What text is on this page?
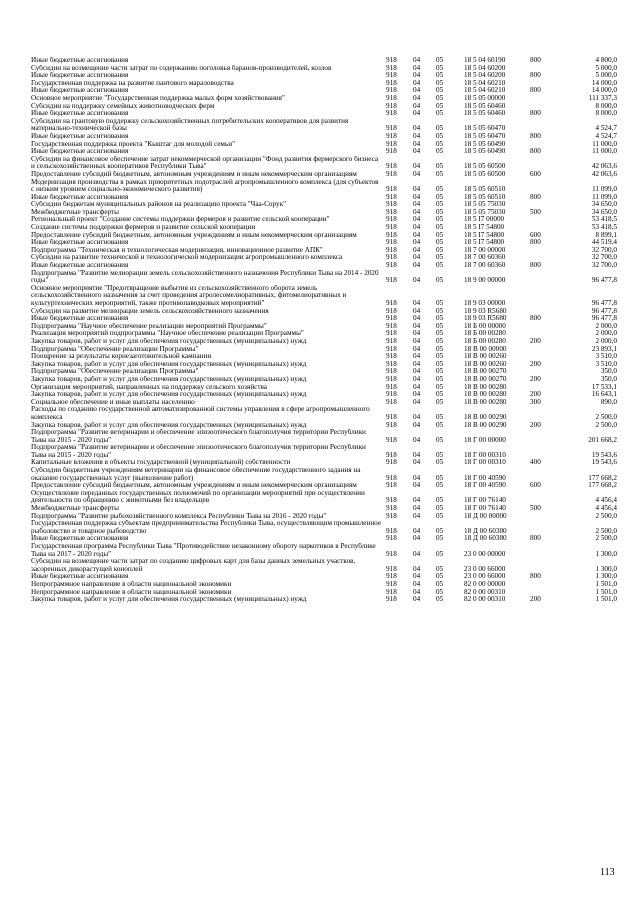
Иные бюджетные ассигнования	918	04	05	18 5 04 60190	800	4 800,0
Субсидии на возмещение части затрат по содержанию поголовья баранов-производителей, козлов	918	04	05	18 5 04 60200		5 000,0
Иные бюджетные ассигнования	918	04	05	18 5 04 60200	800	5 000,0
Государственная поддержка на развитие пантового мараловодства	918	04	05	18 5 04 60210		14 000,0
Иные бюджетные ассигнования	918	04	05	18 5 04 60210	800	14 000,0
Основное мероприятие "Государственная поддержка малых форм хозяйствования"	918	04	05	18 5 05 00000		111 337,3
Субсидии на поддержку семейных животноводческих ферм	918	04	05	18 5 05 60460		8 000,0
Иные бюджетные ассигнования	918	04	05	18 5 05 60460	800	8 000,0
Субсидии на грантовую поддержку сельскохозяйственных потребительских кооперативов для развития материально-технической базы	918	04	05	18 5 05 60470		4 524,7
Иные бюджетные ассигнования	918	04	05	18 5 05 60470	800	4 524,7
Государственная поддержка проекта "Кыштаг для молодой семьи"	918	04	05	18 5 05 60490		11 000,0
Иные бюджетные ассигнования	918	04	05	18 5 05 60490	800	11 000,0
Субсидии на финансовое обеспечение затрат некоммерческой организации "Фонд развития фермерского бизнеса и сельскохозяйственных кооперативов Республики Тыва"	918	04	05	18 5 05 60500		42 063,6
Предоставление субсидий бюджетным, автономным учреждениям и иным некоммерческим организациям	918	04	05	18 5 05 60500	600	42 063,6
Модернизация производства в рамках приоритетных подотраслей агропромышленного комплекса (для субъектов с низким уровнем социально-экономического развития)	918	04	05	18 5 05 60510		11 099,0
Иные бюджетные ассигнования	918	04	05	18 5 05 60510	800	11 099,0
Субсидии бюджетам муниципальных районов на реализацию проекта "Чаа-Сорук"	918	04	05	18 5 05 75030		34 650,0
Межбюджетные трансферты	918	04	05	18 5 05 75030	500	34 650,0
Региональный проект "Создание системы поддержки фермеров и развитие сельской кооперации"	918	04	05	18 5 I7 00000		53 418,5
Создание системы поддержки фермеров и развитие сельской кооперации	918	04	05	18 5 I7 54800		53 418,5
Предоставление субсидий бюджетным, автономным учреждениям и иным некоммерческим организациям	918	04	05	18 5 I7 54800	600	8 899,1
Иные бюджетные ассигнования	918	04	05	18 5 I7 54800	800	44 519,4
Подпрограмма "Техническая и технологическая модернизация, инновационное развитие АПК"	918	04	05	18 7 00 00000		32 700,0
Субсидии на развитие технической и технологической модернизации агропромышленного комплекса	918	04	05	18 7 00 60360		32 700,0
Иные бюджетные ассигнования	918	04	05	18 7 00 60360	800	32 700,0
Подпрограмма "Развитие мелиорации земель сельскохозяйственного назначения Республики Тыва на 2014 - 2020 годы"	918	04	05	18 9 00 00000		96 477,8
Основное мероприятие "Предотвращение выбытия из сельскохозяйственного оборота земель сельскохозяйственного назначения за счет проведения агролесомелиоративных, фитомелиоративных и культуртехнических мероприятий, также противопаводковых мероприятий"	918	04	05	18 9 03 00000		96 477,8
Субсидии на развитие мелиорации земель сельскохозяйственного назначения	918	04	05	18 9 03 R5680		96 477,8
Иные бюджетные ассигнования	918	04	05	18 9 03 R5680	800	96 477,8
Подпрограмма "Научное обеспечение реализации мероприятий Программы"	918	04	05	18 Б 00 00000		2 000,0
Реализация мероприятий подпрограммы "Научное обеспечение реализации Программы"	918	04	05	18 Б 00 00280		2 000,0
Закупка товаров, работ и услуг для обеспечения государственных (муниципальных) нужд	918	04	05	18 Б 00 00280	200	2 000,0
Подпрограмма "Обеспечение реализации Программы"	918	04	05	18 В 00 00000		23 893,1
Поощрение за результаты корнезаготовительной кампании	918	04	05	18 В 00 00260		3 510,0
Закупка товаров, работ и услуг для обеспечения государственных (муниципальных) нужд	918	04	05	18 В 00 00260	200	3 510,0
Подпрограмма "Обеспечение реализации Программы"	918	04	05	18 В 00 00270		350,0
Закупка товаров, работ и услуг для обеспечения государственных (муниципальных) нужд	918	04	05	18 В 00 00270	200	350,0
Организация мероприятий, направленных на поддержку сельского хозяйства	918	04	05	18 В 00 00280		17 533,1
Закупка товаров, работ и услуг для обеспечения государственных (муниципальных) нужд	918	04	05	18 В 00 00280	200	16 643,1
Социальное обеспечение и иные выплаты населению	918	04	05	18 В 00 00280	300	890,0
Расходы по созданию государственной автоматизированной системы управления в сфере агропромышленного комплекса	918	04	05	18 В 00 00290		2 500,0
Закупка товаров, работ и услуг для обеспечения государственных (муниципальных) нужд	918	04	05	18 В 00 00290	200	2 500,0
Подпрограмма "Развитие ветеринарии и обеспечение эпизоотического благополучия территории Республики Тыва на 2015 - 2020 годы"	918	04	05	18 Г 00 00000		201 668,2
Подпрограмма "Развитие ветеринарии и обеспечение эпизоотического благополучия территории Республики Тыва на 2015 - 2020 годы"	918	04	05	18 Г 00 00310		19 543,6
Капитальные вложения в объекты государственной (муниципальной) собственности	918	04	05	18 Г 00 00310	400	19 543,6
Субсидии бюджетным учреждениям ветеринарии на финансовое обеспечение государственного задания на оказание государственных услуг (выполнение работ)	918	04	05	18 Г 00 40590		177 668,2
Предоставление субсидий бюджетным, автономным учреждениям и иным некоммерческим организациям	918	04	05	18 Г 00 40590	600	177 668,2
Осуществление переданных государственных полномочий по организации мероприятий при осуществлении деятельности по обращению с животными без владельцев	918	04	05	18 Г 00 76140		4 456,4
Межбюджетные трансферты	918	04	05	18 Г 00 76140	500	4 456,4
Подпрограмма "Развитие рыбохозяйственного комплекса Республики Тыва на 2016 - 2020 годы"	918	04	05	18 Д 00 00000		2 500,0
Государственная поддержка субъектам предпринимательства Республики Тыва, осуществляющим промышленное рыболовство и товарное рыбоводство	918	04	05	18 Д 00 60380		2 500,0
Иные бюджетные ассигнования	918	04	05	18 Д 00 60380	800	2 500,0
Государственная программа Республики Тыва "Противодействие незаконному обороту наркотиков в Республике Тыва на 2017 - 2020 годы"	918	04	05	23 0 00 00000		1 300,0
Субсидии на возмещение части затрат по созданию цифровых карт для базы данных земельных участков, засоренных дикорастущей коноплей	918	04	05	23 0 00 66000		1 300,0
Иные бюджетные ассигнования	918	04	05	23 0 00 66000	800	1 300,0
Непрограммное направление в области национальной экономики	918	04	05	82 0 00 00000		1 501,0
Непрограммное направление в области национальной экономики	918	04	05	82 0 00 00310		1 501,0
Закупка товаров, работ и услуг для обеспечения государственных (муниципальных) нужд	918	04	05	82 0 00 00310	200	1 501,0
113
